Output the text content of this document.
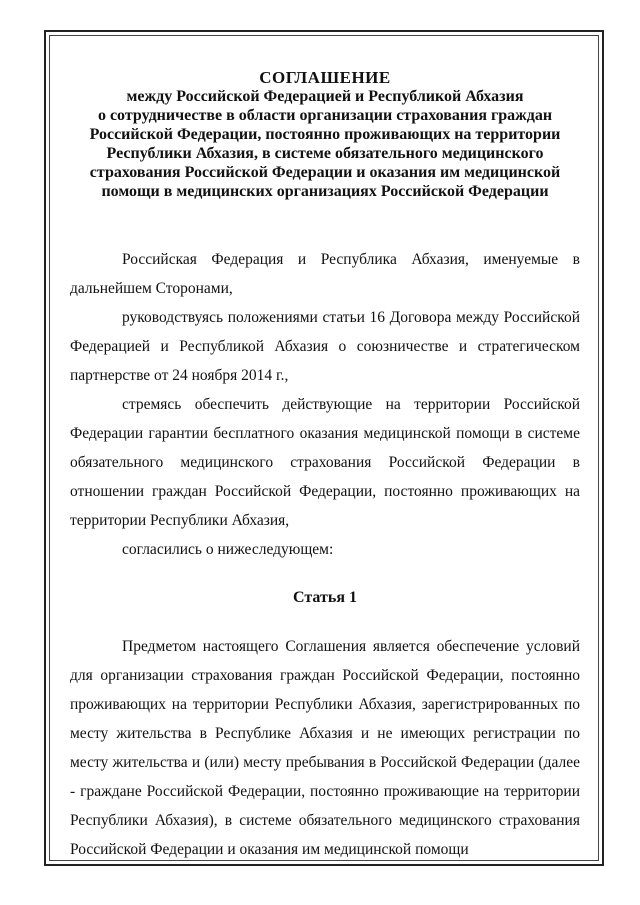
СОГЛАШЕНИЕ
между Российской Федерацией и Республикой Абхазия
о сотрудничестве в области организации страхования граждан
Российской Федерации, постоянно проживающих на территории
Республики Абхазия, в системе обязательного медицинского
страхования Российской Федерации и оказания им медицинской
помощи в медицинских организациях Российской Федерации

Российская Федерация и Республика Абхазия, именуемые в дальнейшем Сторонами,

руководствуясь положениями статьи 16 Договора между Российской Федерацией и Республикой Абхазия о союзничестве и стратегическом партнерстве от 24 ноября 2014 г.,

стремясь обеспечить действующие на территории Российской Федерации гарантии бесплатного оказания медицинской помощи в системе обязательного медицинского страхования Российской Федерации в отношении граждан Российской Федерации, постоянно проживающих на территории Республики Абхазия,

согласились о нижеследующем:

Статья 1

Предметом настоящего Соглашения является обеспечение условий для организации страхования граждан Российской Федерации, постоянно проживающих на территории Республики Абхазия, зарегистрированных по месту жительства в Республике Абхазия и не имеющих регистрации по месту жительства и (или) месту пребывания в Российской Федерации (далее - граждане Российской Федерации, постоянно проживающие на территории Республики Абхазия), в системе обязательного медицинского страхования Российской Федерации и оказания им медицинской помощи
